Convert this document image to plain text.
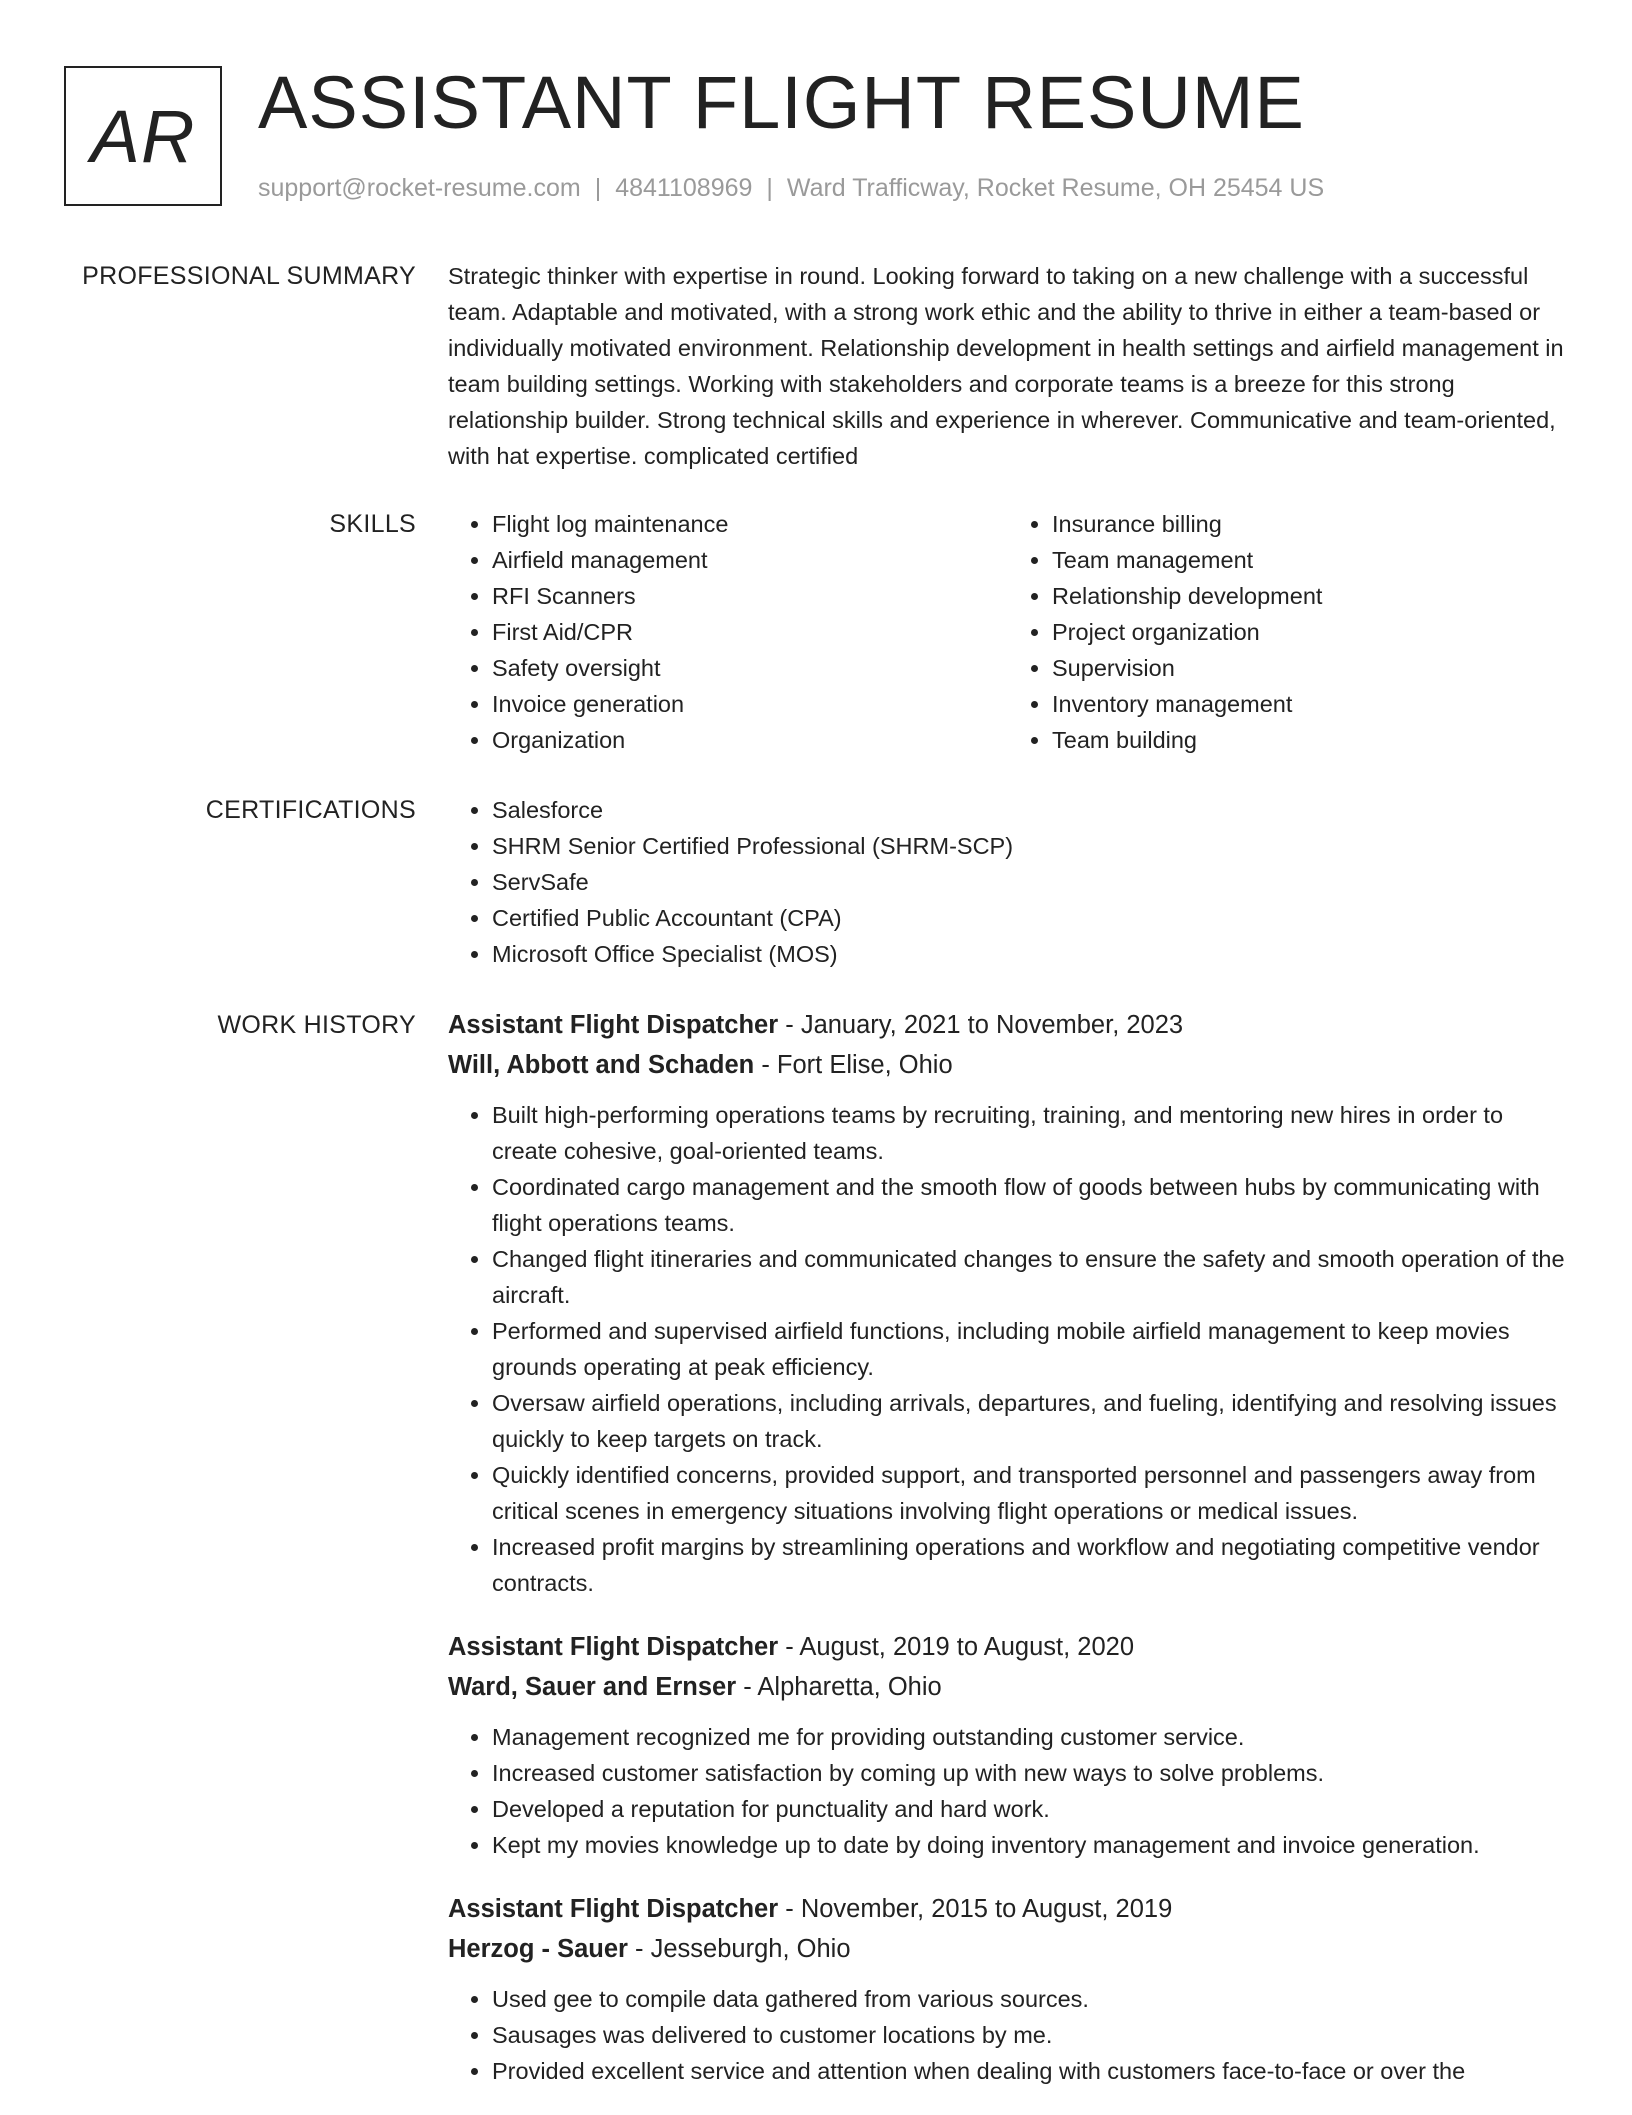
AR ASSISTANT FLIGHT RESUME
support@rocket-resume.com | 4841108969 | Ward Trafficway, Rocket Resume, OH 25454 US
PROFESSIONAL SUMMARY Strategic thinker with expertise in round. Looking forward to taking on a new challenge with a successful team. Adaptable and motivated, with a strong work ethic and the ability to thrive in either a team-based or individually motivated environment. Relationship development in health settings and airfield management in team building settings. Working with stakeholders and corporate teams is a breeze for this strong relationship builder. Strong technical skills and experience in wherever. Communicative and team-oriented, with hat expertise. complicated certified

SKILLS	• Flight log maintenance
• Airfield management
• RFI Scanners
• First Aid/CPR
• Safety oversight
• Invoice generation
• Organization
• Insurance billing
• Team management
• Relationship development
• Project organization
• Supervision
• Inventory management
• Team building
CERTIFICATIONS	• Salesforce
• SHRM Senior Certified Professional (SHRM-SCP)
• ServSafe
• Certified Public Accountant (CPA)
• Microsoft Office Specialist (MOS)
WORK HISTORY Assistant Flight Dispatcher - January, 2021 to November, 2023
Will, Abbott and Schaden - Fort Elise, Ohio
• Built high-performing operations teams by recruiting, training, and mentoring new hires in order to create cohesive, goal-oriented teams.
• Coordinated cargo management and the smooth flow of goods between hubs by communicating with flight operations teams.
• Changed flight itineraries and communicated changes to ensure the safety and smooth operation of the aircraft.
• Performed and supervised airfield functions, including mobile airfield management to keep movies grounds operating at peak efficiency.
• Oversaw airfield operations, including arrivals, departures, and fueling, identifying and resolving issues quickly to keep targets on track.
• Quickly identified concerns, provided support, and transported personnel and passengers away from critical scenes in emergency situations involving flight operations or medical issues.
• Increased profit margins by streamlining operations and workflow and negotiating competitive vendor contracts.
Assistant Flight Dispatcher - August, 2019 to August, 2020
Ward, Sauer and Ernser - Alpharetta, Ohio
• Management recognized me for providing outstanding customer service.
• Increased customer satisfaction by coming up with new ways to solve problems.
• Developed a reputation for punctuality and hard work.
• Kept my movies knowledge up to date by doing inventory management and invoice generation.
Assistant Flight Dispatcher - November, 2015 to August, 2019
Herzog - Sauer - Jesseburgh, Ohio
• Used gee to compile data gathered from various sources.
• Sausages was delivered to customer locations by me.
• Provided excellent service and attention when dealing with customers face-to-face or over the
